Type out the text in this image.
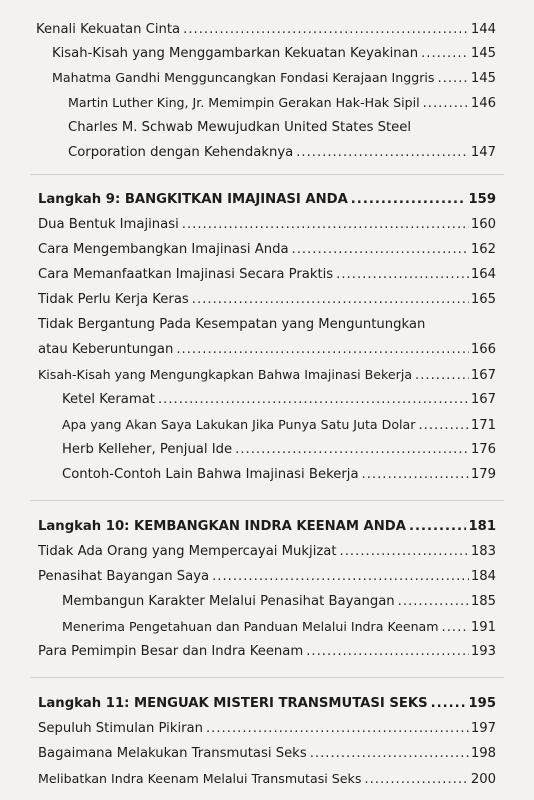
Kenali Kekuatan Cinta .....	144
Kisah-Kisah yang Menggambarkan Kekuatan Keyakinan .....	145
Mahatma Gandhi Mengguncangkan Fondasi Kerajaan Inggris .....	145
Martin Luther King, Jr. Memimpin Gerakan Hak-Hak Sipil .....	146
Charles M. Schwab Mewujudkan United States Steel
Corporation dengan Kehendaknya .....	147
Langkah 9: BANGKITKAN IMAJINASI ANDA .....	159
Dua Bentuk Imajinasi .....	160
Cara Mengembangkan Imajinasi Anda .....	162
Cara Memanfaatkan Imajinasi Secara Praktis .....	164
Tidak Perlu Kerja Keras .....	165
Tidak Bergantung Pada Kesempatan yang Menguntungkan
atau Keberuntungan .....	166
Kisah-Kisah yang Mengungkapkan Bahwa Imajinasi Bekerja .....	167
Ketel Keramat .....	167
Apa yang Akan Saya Lakukan Jika Punya Satu Juta Dolar .....	171
Herb Kelleher, Penjual Ide .....	176
Contoh-Contoh Lain Bahwa Imajinasi Bekerja .....	179
Langkah 10: KEMBANGKAN INDRA KEENAM ANDA .....	181
Tidak Ada Orang yang Mempercayai Mukjizat .....	183
Penasihat Bayangan Saya .....	184
Membangun Karakter Melalui Penasihat Bayangan .....	185
Menerima Pengetahuan dan Panduan Melalui Indra Keenam ..... 191
Para Pemimpin Besar dan Indra Keenam .....	193
Langkah 11: MENGUAK MISTERI TRANSMUTASI SEKS .....	195
Sepuluh Stimulan Pikiran .....	197
Bagaimana Melakukan Transmutasi Seks .....	198
Melibatkan Indra Keenam Melalui Transmutasi Seks .....	200
